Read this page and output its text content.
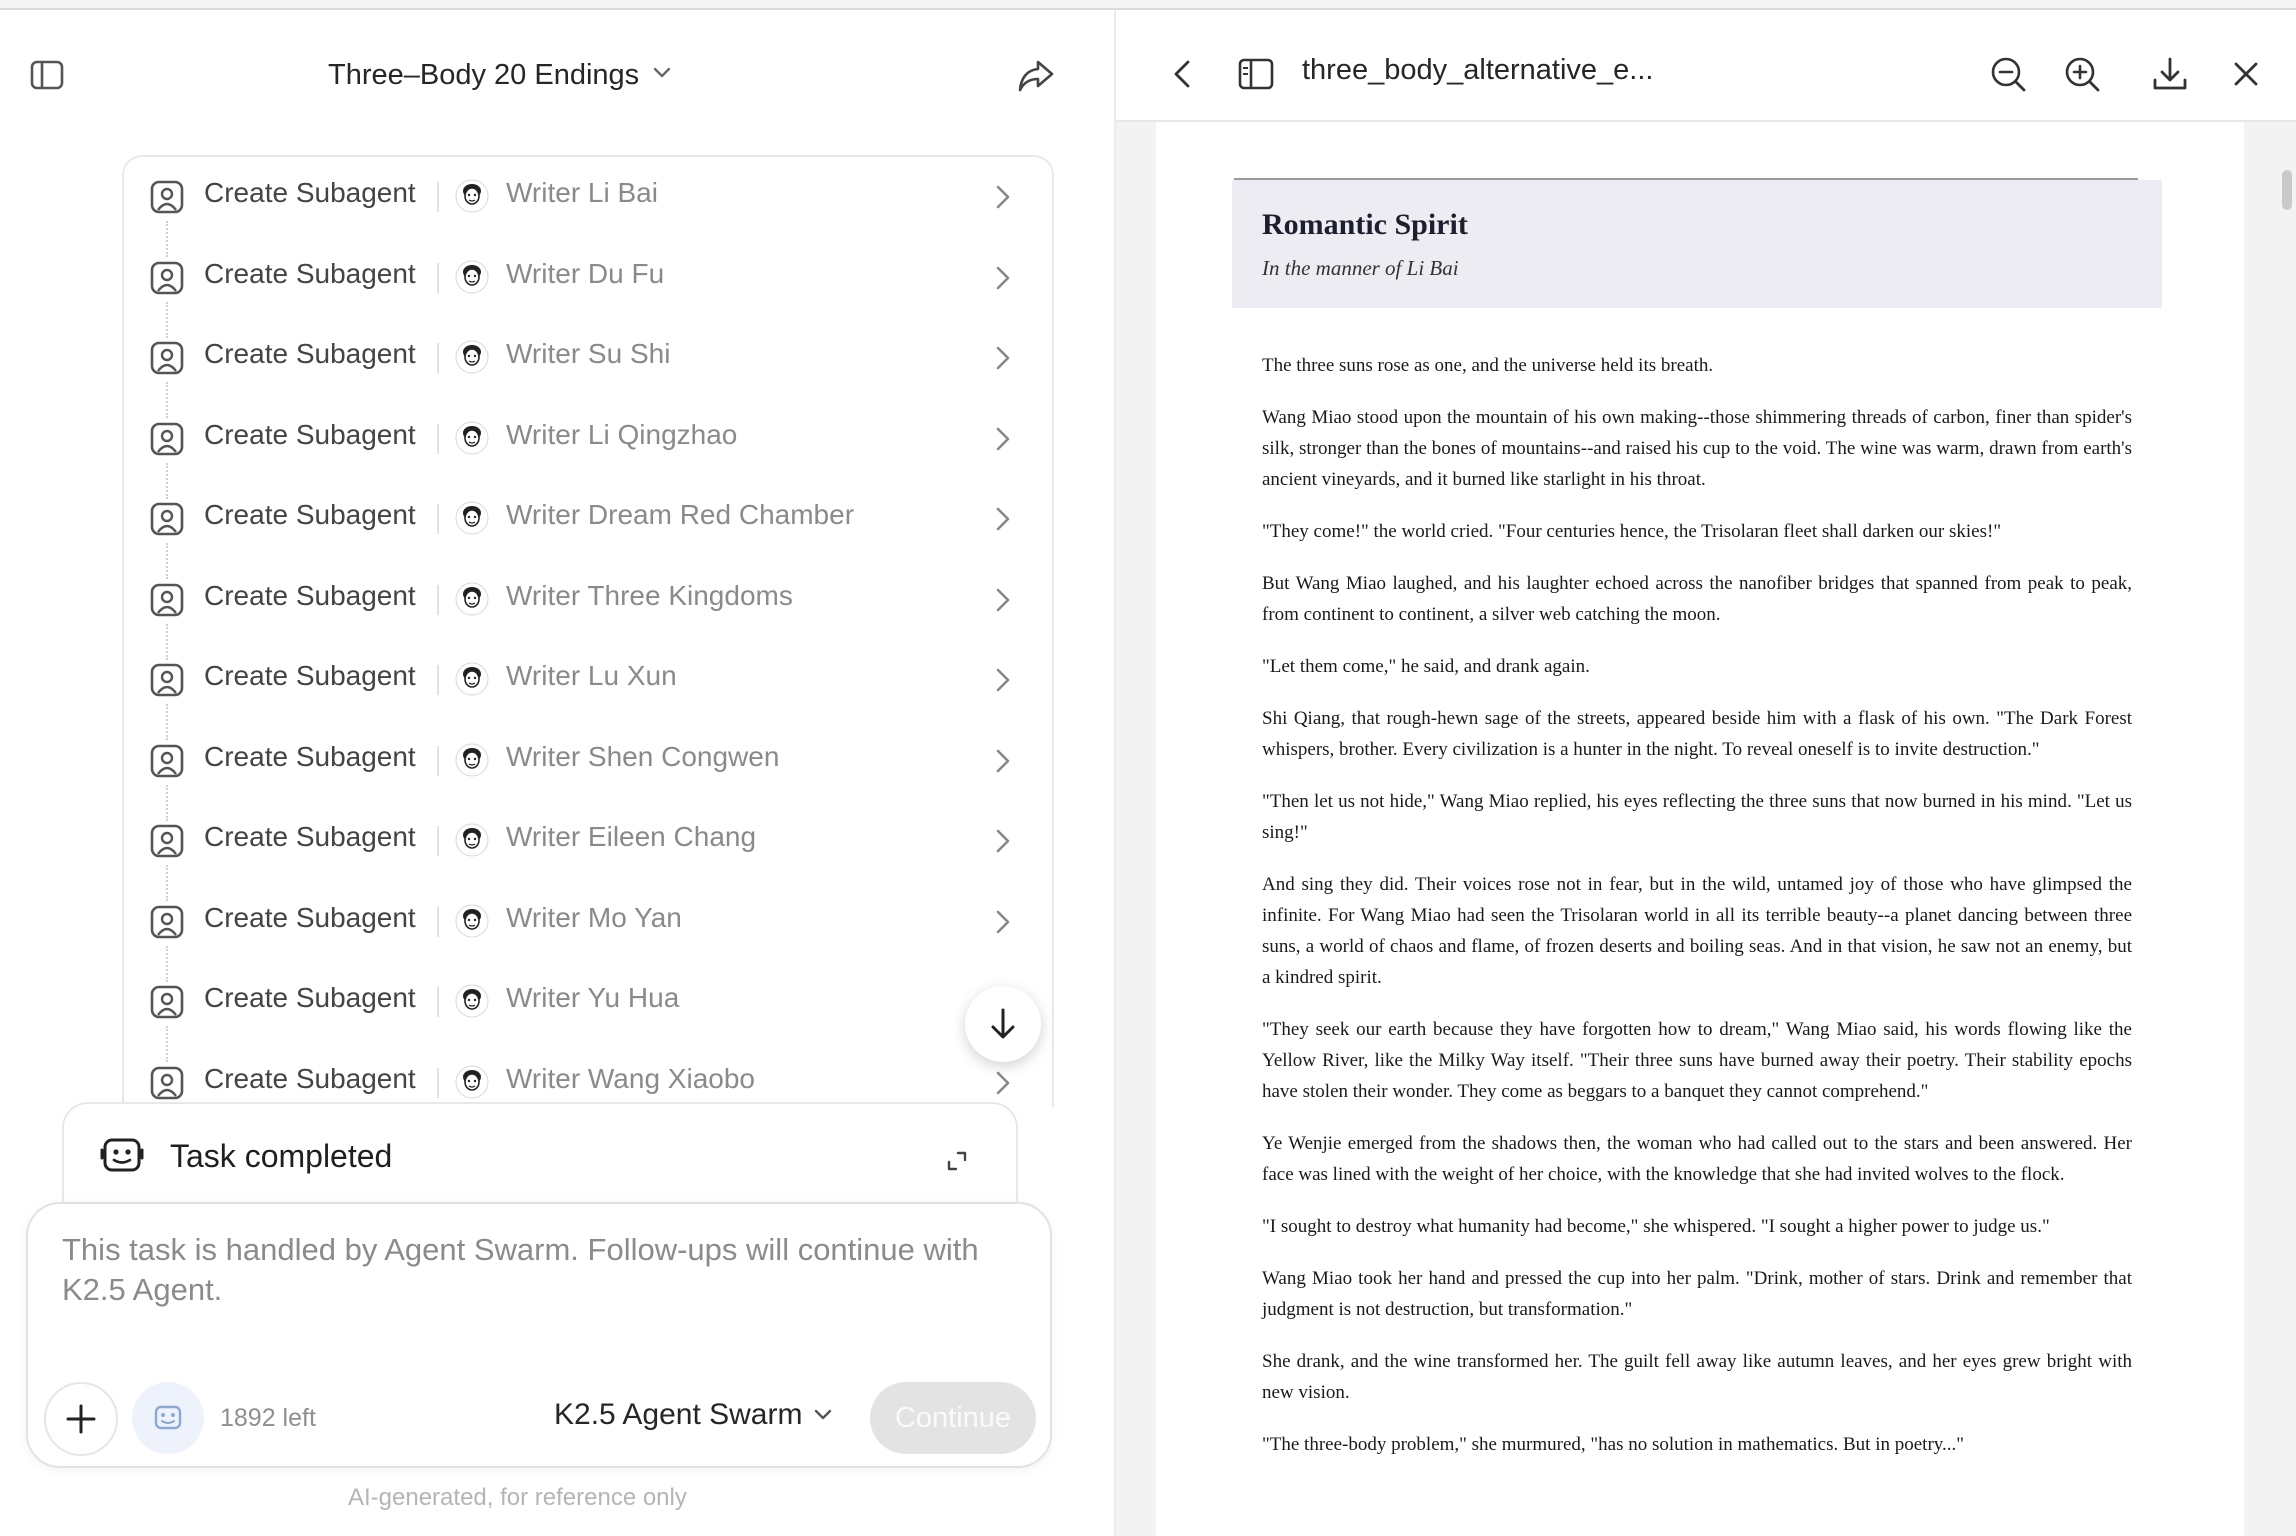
Three–Body 20 Endings
Create Subagent	Writer Li Bai
Create Subagent	Writer Du Fu
Create Subagent	Writer Su Shi
Create Subagent	Writer Li Qingzhao
Create Subagent	Writer Dream Red Chamber
Create Subagent	Writer Three Kingdoms
Create Subagent	Writer Lu Xun
Create Subagent	Writer Shen Congwen
Create Subagent	Writer Eileen Chang
Create Subagent	Writer Mo Yan
Create Subagent	Writer Yu Hua
Create Subagent	Writer Wang Xiaobo
Task completed
This task is handled by Agent Swarm. Follow-ups will continue with K2.5 Agent.
1892 left	K2.5 Agent Swarm	Continue
AI-generated, for reference only
three_body_alternative_e...
Romantic Spirit
In the manner of Li Bai

The three suns rose as one, and the universe held its breath.

Wang Miao stood upon the mountain of his own making--those shimmering threads of carbon, finer than spider's silk, stronger than the bones of mountains--and raised his cup to the void. The wine was warm, drawn from earth's ancient vineyards, and it burned like starlight in his throat.

"They come!" the world cried. "Four centuries hence, the Trisolaran fleet shall darken our skies!"

But Wang Miao laughed, and his laughter echoed across the nanofiber bridges that spanned from peak to peak, from continent to continent, a silver web catching the moon.

"Let them come," he said, and drank again.

Shi Qiang, that rough-hewn sage of the streets, appeared beside him with a flask of his own. "The Dark Forest whispers, brother. Every civilization is a hunter in the night. To reveal oneself is to invite destruction."

"Then let us not hide," Wang Miao replied, his eyes reflecting the three suns that now burned in his mind. "Let us sing!"

And sing they did. Their voices rose not in fear, but in the wild, untamed joy of those who have glimpsed the infinite. For Wang Miao had seen the Trisolaran world in all its terrible beauty--a planet dancing between three suns, a world of chaos and flame, of frozen deserts and boiling seas. And in that vision, he saw not an enemy, but a kindred spirit.

"They seek our earth because they have forgotten how to dream," Wang Miao said, his words flowing like the Yellow River, like the Milky Way itself. "Their three suns have burned away their poetry. Their stability epochs have stolen their wonder. They come as beggars to a banquet they cannot comprehend."

Ye Wenjie emerged from the shadows then, the woman who had called out to the stars and been answered. Her face was lined with the weight of her choice, with the knowledge that she had invited wolves to the flock.

"I sought to destroy what humanity had become," she whispered. "I sought a higher power to judge us."

Wang Miao took her hand and pressed the cup into her palm. "Drink, mother of stars. Drink and remember that judgment is not destruction, but transformation."

She drank, and the wine transformed her. The guilt fell away like autumn leaves, and her eyes grew bright with new vision.

"The three-body problem," she murmured, "has no solution in mathematics. But in poetry..."
